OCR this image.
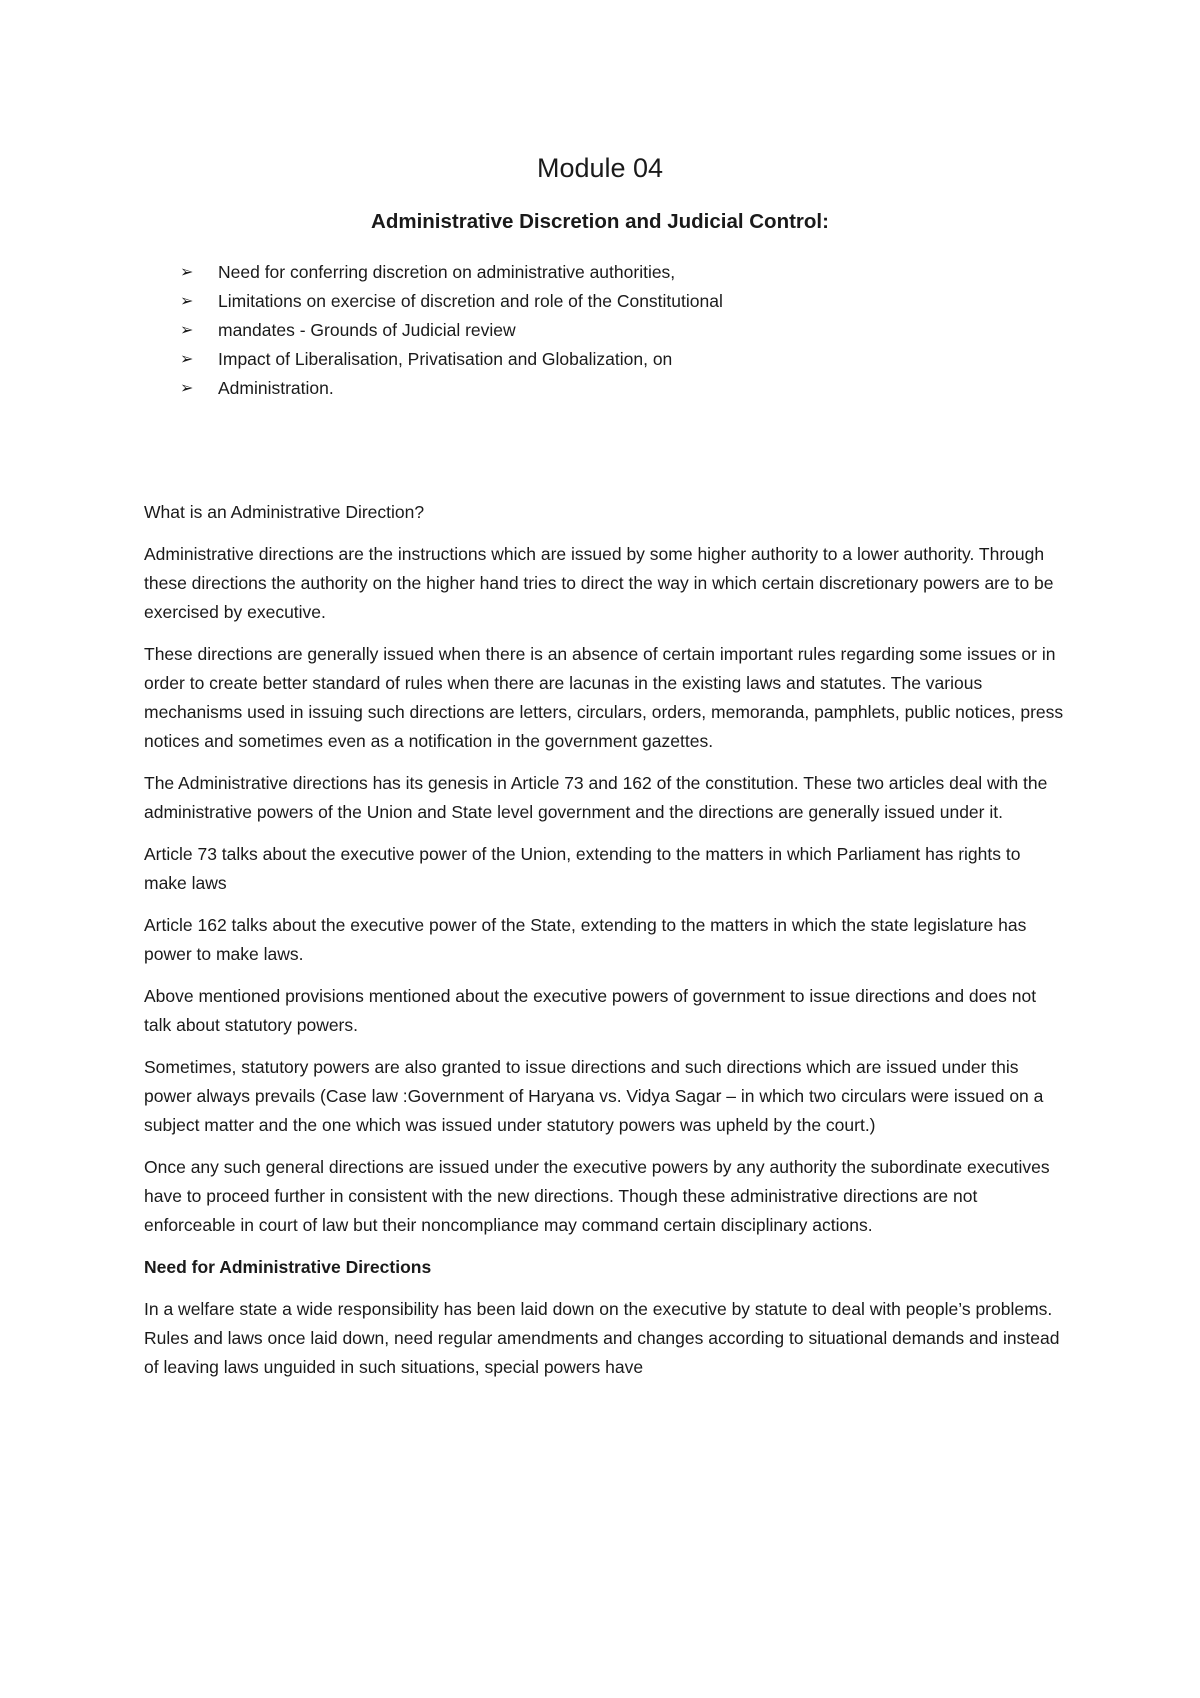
Module 04
Administrative Discretion and Judicial Control:
➢ Need for conferring discretion on administrative authorities,
➢ Limitations on exercise of discretion and role of the Constitutional
➢ mandates - Grounds of Judicial review
➢ Impact of Liberalisation, Privatisation and Globalization, on
➢ Administration.

What is an Administrative Direction?

Administrative directions are the instructions which are issued by some higher authority to a lower authority. Through these directions the authority on the higher hand tries to direct the way in which certain discretionary powers are to be exercised by executive.

These directions are generally issued when there is an absence of certain important rules regarding some issues or in order to create better standard of rules when there are lacunas in the existing laws and statutes. The various mechanisms used in issuing such directions are letters, circulars, orders, memoranda, pamphlets, public notices, press notices and sometimes even as a notification in the government gazettes.

The Administrative directions has its genesis in Article 73 and 162 of the constitution. These two articles deal with the administrative powers of the Union and State level government and the directions are generally issued under it.

Article 73 talks about the executive power of the Union, extending to the matters in which Parliament has rights to make laws

Article 162 talks about the executive power of the State, extending to the matters in which the state legislature has power to make laws.

Above mentioned provisions mentioned about the executive powers of government to issue directions and does not talk about statutory powers.

Sometimes, statutory powers are also granted to issue directions and such directions which are issued under this power always prevails (Case law :Government of Haryana vs. Vidya Sagar – in which two circulars were issued on a subject matter and the one which was issued under statutory powers was upheld by the court.)

Once any such general directions are issued under the executive powers by any authority the subordinate executives have to proceed further in consistent with the new directions. Though these administrative directions are not enforceable in court of law but their noncompliance may command certain disciplinary actions.

Need for Administrative Directions

In a welfare state a wide responsibility has been laid down on the executive by statute to deal with people’s problems. Rules and laws once laid down, need regular amendments and changes according to situational demands and instead of leaving laws unguided in such situations, special powers have
